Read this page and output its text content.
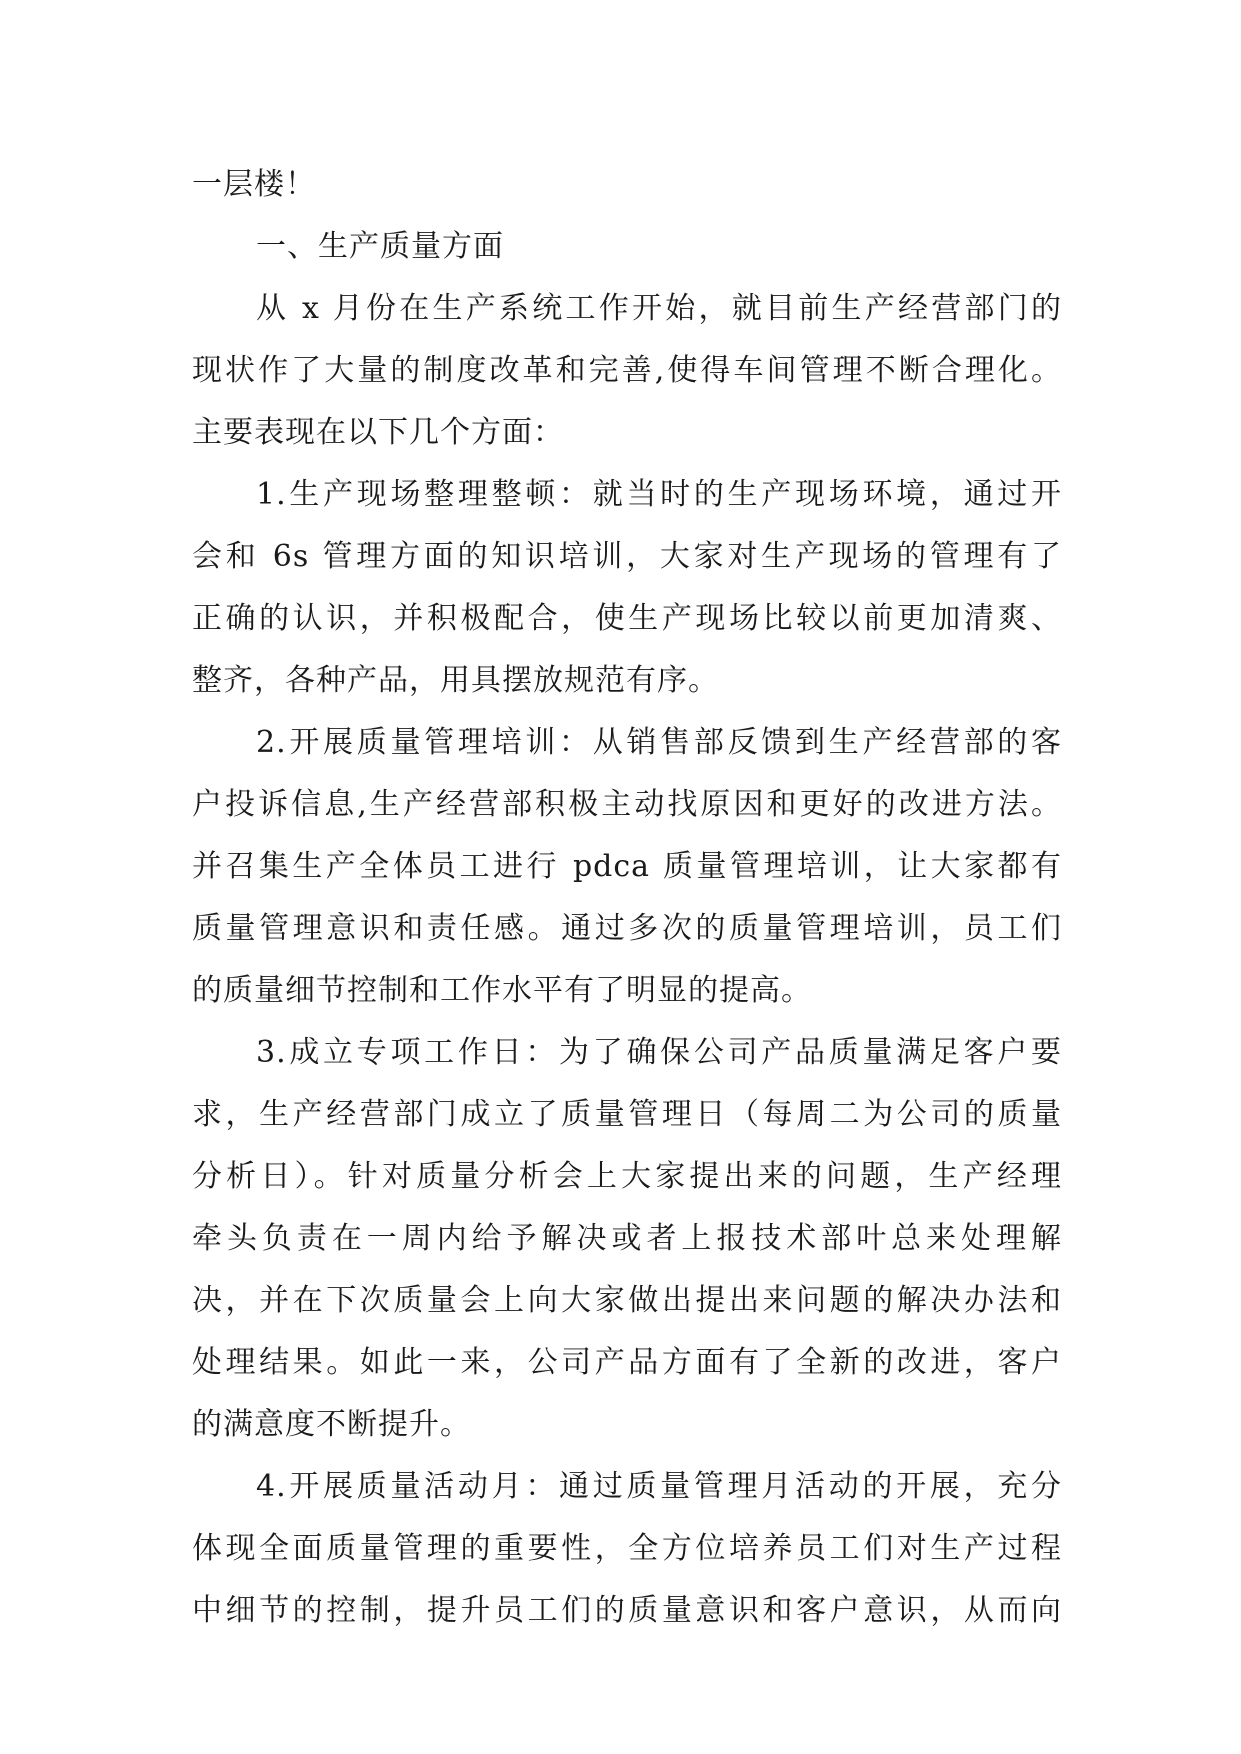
一层楼！
一、生产质量方面
从 x 月份在生产系统工作开始，就目前生产经营部门的
现状作了大量的制度改革和完善,使得车间管理不断合理化。
主要表现在以下几个方面：
1.生产现场整理整顿：就当时的生产现场环境，通过开
会和 6s 管理方面的知识培训，大家对生产现场的管理有了
正确的认识，并积极配合，使生产现场比较以前更加清爽、
整齐，各种产品，用具摆放规范有序。
2.开展质量管理培训：从销售部反馈到生产经营部的客
户投诉信息,生产经营部积极主动找原因和更好的改进方法。
并召集生产全体员工进行 pdca 质量管理培训，让大家都有
质量管理意识和责任感。通过多次的质量管理培训，员工们
的质量细节控制和工作水平有了明显的提高。
3.成立专项工作日：为了确保公司产品质量满足客户要
求，生产经营部门成立了质量管理日（每周二为公司的质量
分析日）。针对质量分析会上大家提出来的问题，生产经理
牵头负责在一周内给予解决或者上报技术部叶总来处理解
决，并在下次质量会上向大家做出提出来问题的解决办法和
处理结果。如此一来，公司产品方面有了全新的改进，客户
的满意度不断提升。
4.开展质量活动月：通过质量管理月活动的开展，充分
体现全面质量管理的重要性，全方位培养员工们对生产过程
中细节的控制，提升员工们的质量意识和客户意识，从而向
